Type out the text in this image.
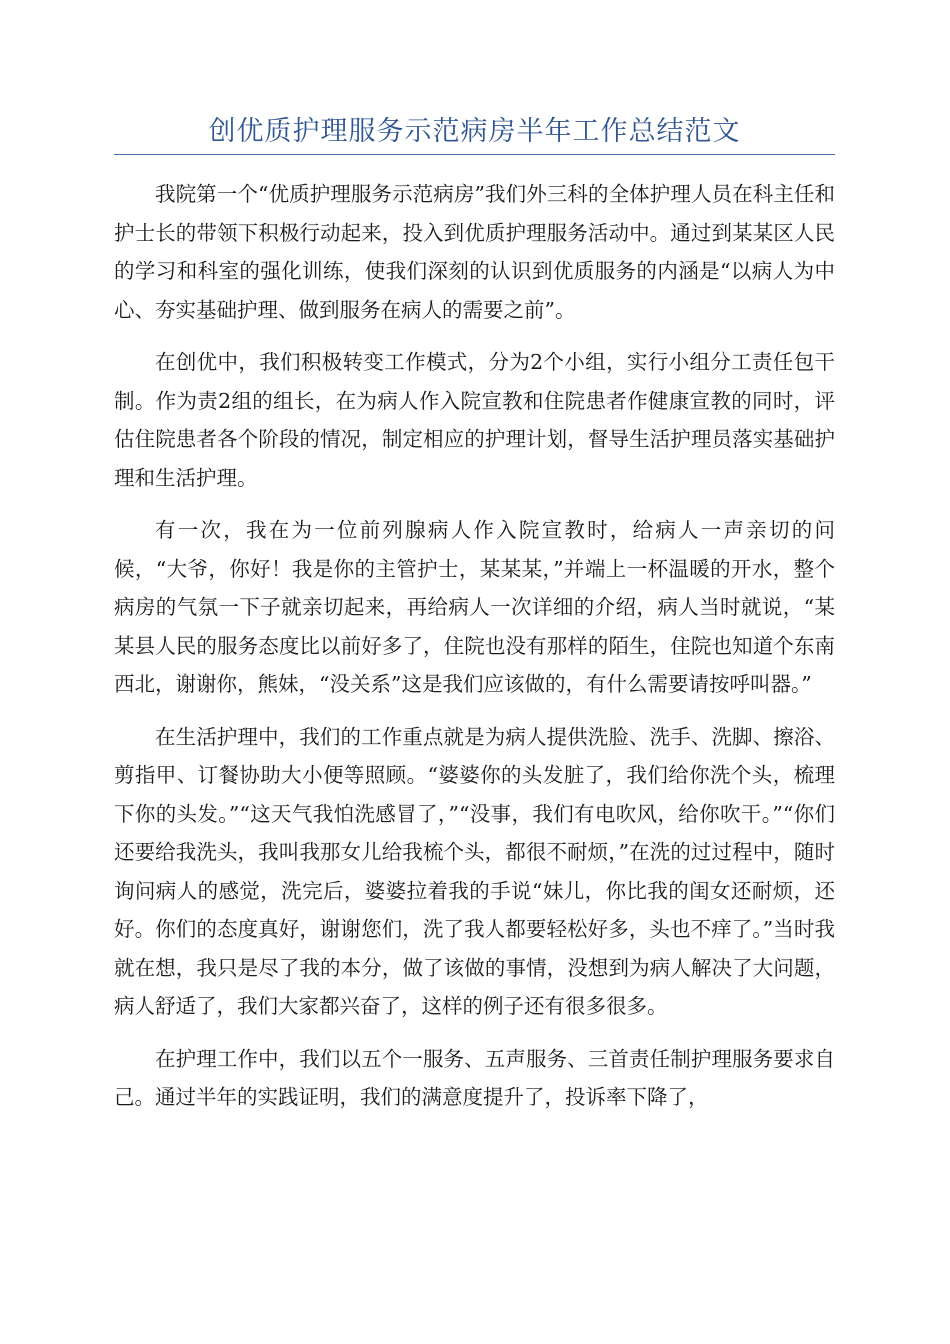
创优质护理服务示范病房半年工作总结范文

我院第一个“优质护理服务示范病房”我们外三科的全体护理人员在科主任和护士长的带领下积极行动起来，投入到优质护理服务活动中。通过到某某区人民的学习和科室的强化训练，使我们深刻的认识到优质服务的内涵是“以病人为中心、夯实基础护理、做到服务在病人的需要之前”。

在创优中，我们积极转变工作模式，分为2个小组，实行小组分工责任包干制。作为责2组的组长，在为病人作入院宣教和住院患者作健康宣教的同时，评估住院患者各个阶段的情况，制定相应的护理计划，督导生活护理员落实基础护理和生活护理。

有一次，我在为一位前列腺病人作入院宣教时，给病人一声亲切的问候，“大爷，你好！我是你的主管护士，某某某，”并端上一杯温暖的开水，整个病房的气氛一下子就亲切起来，再给病人一次详细的介绍，病人当时就说，“某某县人民的服务态度比以前好多了，住院也没有那样的陌生，住院也知道个东南西北，谢谢你，熊妹，“没关系”这是我们应该做的，有什么需要请按呼叫器。”

在生活护理中，我们的工作重点就是为病人提供洗脸、洗手、洗脚、擦浴、剪指甲、订餐协助大小便等照顾。“婆婆你的头发脏了，我们给你洗个头，梳理下你的头发。”“这天气我怕洗感冒了，”“没事，我们有电吹风，给你吹干。”“你们还要给我洗头，我叫我那女儿给我梳个头，都很不耐烦，”在洗的过过程中，随时询问病人的感觉，洗完后，婆婆拉着我的手说“妹儿，你比我的闺女还耐烦，还好。你们的态度真好，谢谢您们，洗了我人都要轻松好多，头也不痒了。”当时我就在想，我只是尽了我的本分，做了该做的事情，没想到为病人解决了大问题，病人舒适了，我们大家都兴奋了，这样的例子还有很多很多。

在护理工作中，我们以五个一服务、五声服务、三首责任制护理服务要求自己。通过半年的实践证明，我们的满意度提升了，投诉率下降了，
